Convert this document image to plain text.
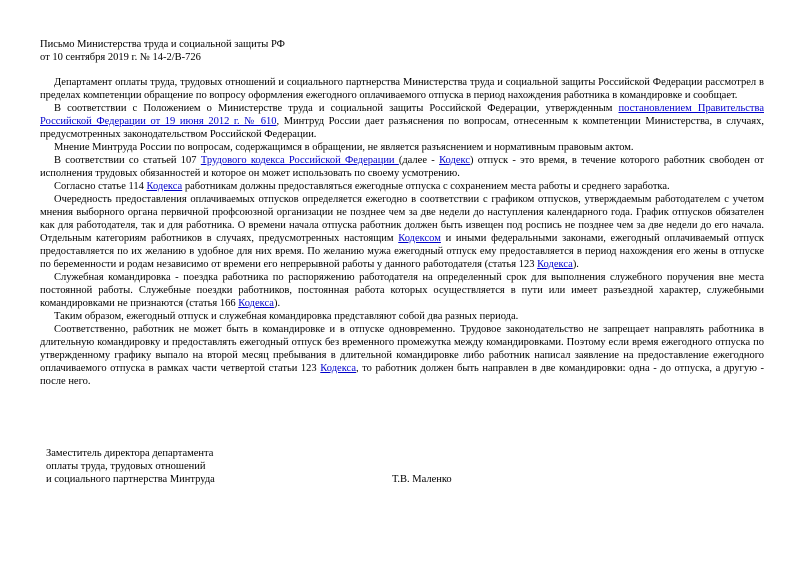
Письмо Министерства труда и социальной защиты РФ
от 10 сентября 2019 г. № 14-2/В-726

Департамент оплаты труда, трудовых отношений и социального партнерства Министерства труда и социальной защиты Российской Федерации рассмотрел в пределах компетенции обращение по вопросу оформления ежегодного оплачиваемого отпуска в период нахождения работника в командировке и сообщает.

В соответствии с Положением о Министерстве труда и социальной защиты Российской Федерации, утвержденным постановлением Правительства Российской Федерации от 19 июня 2012 г. № 610, Минтруд России дает разъяснения по вопросам, отнесенным к компетенции Министерства, в случаях, предусмотренных законодательством Российской Федерации.

Мнение Минтруда России по вопросам, содержащимся в обращении, не является разъяснением и нормативным правовым актом.

В соответствии со статьей 107 Трудового кодекса Российской Федерации (далее - Кодекс) отпуск - это время, в течение которого работник свободен от исполнения трудовых обязанностей и которое он может использовать по своему усмотрению.

Согласно статье 114 Кодекса работникам должны предоставляться ежегодные отпуска с сохранением места работы и среднего заработка.

Очередность предоставления оплачиваемых отпусков определяется ежегодно в соответствии с графиком отпусков, утверждаемым работодателем с учетом мнения выборного органа первичной профсоюзной организации не позднее чем за две недели до наступления календарного года. График отпусков обязателен как для работодателя, так и для работника. О времени начала отпуска работник должен быть извещен под роспись не позднее чем за две недели до его начала. Отдельным категориям работников в случаях, предусмотренных настоящим Кодексом и иными федеральными законами, ежегодный оплачиваемый отпуск предоставляется по их желанию в удобное для них время. По желанию мужа ежегодный отпуск ему предоставляется в период нахождения его жены в отпуске по беременности и родам независимо от времени его непрерывной работы у данного работодателя (статья 123 Кодекса).

Служебная командировка - поездка работника по распоряжению работодателя на определенный срок для выполнения служебного поручения вне места постоянной работы. Служебные поездки работников, постоянная работа которых осуществляется в пути или имеет разъездной характер, служебными командировками не признаются (статья 166 Кодекса).

Таким образом, ежегодный отпуск и служебная командировка представляют собой два разных периода.

Соответственно, работник не может быть в командировке и в отпуске одновременно. Трудовое законодательство не запрещает направлять работника в длительную командировку и предоставлять ежегодный отпуск без временного промежутка между командировками. Поэтому если время ежегодного отпуска по утвержденному графику выпало на второй месяц пребывания в длительной командировке либо работник написал заявление на предоставление ежегодного оплачиваемого отпуска в рамках части четвертой статьи 123 Кодекса, то работник должен быть направлен в две командировки: одна - до отпуска, а другую - после него.

Заместитель директора департамента
оплаты труда, трудовых отношений
и социального партнерства Минтруда	Т.В. Маленко
